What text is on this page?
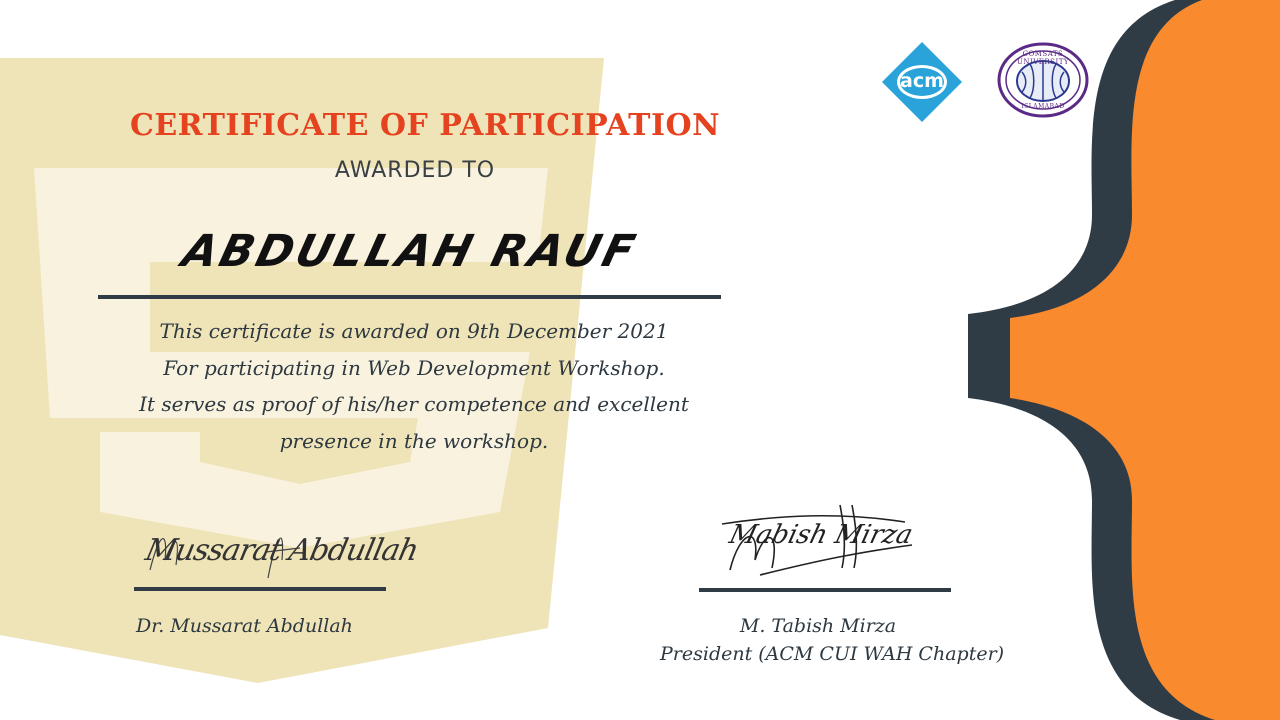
acm
COMSATS UNIVERSITY
ISLAMABAD
CERTIFICATE OF PARTICIPATION
AWARDED TO
ABDULLAH RAUF
This certificate is awarded on 9th December 2021
For participating in Web Development Workshop.
It serves as proof of his/her competence and excellent
presence in the workshop.
Mussarat Abdullah
Dr. Mussarat Abdullah
Mabish Mirza
M. Tabish Mirza
President (ACM CUI WAH Chapter)
